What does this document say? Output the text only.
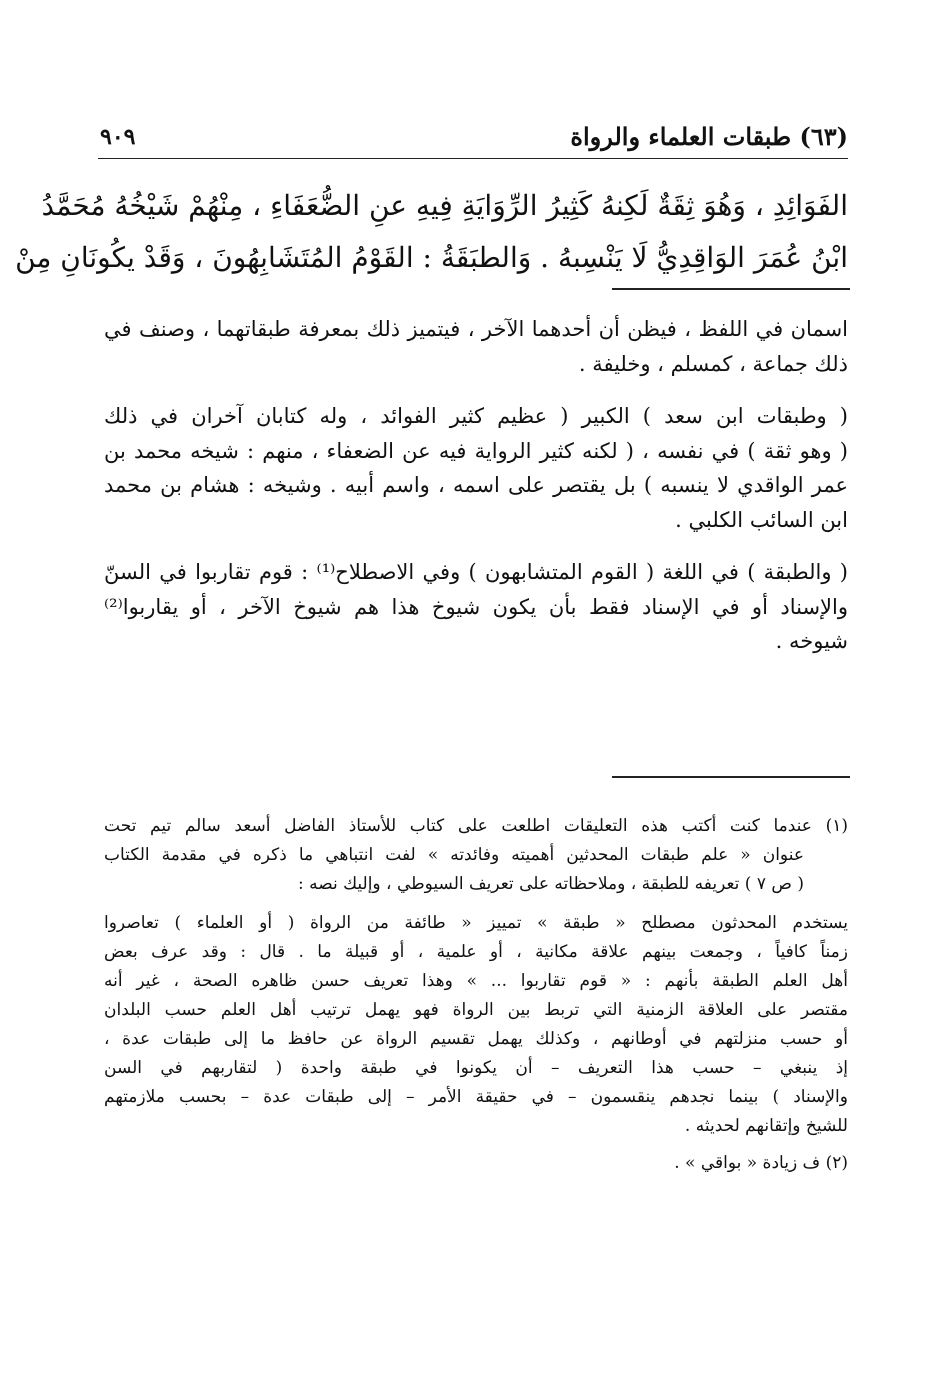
(٦٣) طبقات العلماء والرواة
٩٠٩
الفَوَائِدِ ، وَهُوَ ثِقَةٌ لَكِنهُ كَثِيرُ الرِّوَايَةِ فِيهِ عنِ الضُّعَفَاءِ ، مِنْهُمْ شَيْخُهُ مُحَمَّدُ
ابْنُ عُمَرَ الوَاقِدِيُّ لَا يَنْسِبهُ . وَالطبَقَةُ : القَوْمُ المُتَشَابِهُونَ ، وَقَدْ يكُونَانِ مِنْ
اسمان في اللفظ ، فيظن أن أحدهما الآخر ، فيتميز ذلك بمعرفة طبقاتهما ، وصنف في
ذلك جماعة ، كمسلم ، وخليفة .
( وطبقات ابن سعد ) الكبير ( عظيم كثير الفوائد ، وله كتابان آخران في ذلك
( وهو ثقة ) في نفسه ، ( لكنه كثير الرواية فيه عن الضعفاء ، منهم : شيخه محمد بن
عمر الواقدي لا ينسبه ) بل يقتصر على اسمه ، واسم أبيه . وشيخه : هشام بن محمد
ابن السائب الكلبي .
( والطبقة ) في اللغة ( القوم المتشابهون ) وفي الاصطلاح⁽¹⁾ : قوم تقاربوا في السنّ
والإسناد أو في الإسناد فقط بأن يكون شيوخ هذا هم شيوخ الآخر ، أو يقاربوا⁽²⁾
شيوخه .
(١) عندما كنت أكتب هذه التعليقات اطلعت على كتاب للأستاذ الفاضل أسعد سالم تيم تحت
عنوان « علم طبقات المحدثين أهميته وفائدته » لفت انتباهي ما ذكره في مقدمة الكتاب
( ص ٧ ) تعريفه للطبقة ، وملاحظاته على تعريف السيوطي ، وإليك نصه :
يستخدم المحدثون مصطلح « طبقة » تمييز « طائفة من الرواة ( أو العلماء ) تعاصروا
زمناً كافياً ، وجمعت بينهم علاقة مكانية ، أو علمية ، أو قبيلة ما . قال : وقد عرف بعض
أهل العلم الطبقة بأنهم : « قوم تقاربوا ... » وهذا تعريف حسن ظاهره الصحة ، غير أنه
مقتصر على العلاقة الزمنية التي تربط بين الرواة فهو يهمل ترتيب أهل العلم حسب البلدان
أو حسب منزلتهم في أوطانهم ، وكذلك يهمل تقسيم الرواة عن حافظ ما إلى طبقات عدة ،
إذ ينبغي – حسب هذا التعريف – أن يكونوا في طبقة واحدة ( لتقاربهم في السن
والإسناد ) بينما نجدهم ينقسمون – في حقيقة الأمر – إلى طبقات عدة – بحسب ملازمتهم
للشيخ وإتقانهم لحديثه .
(٢) ف زيادة « بواقي » .
